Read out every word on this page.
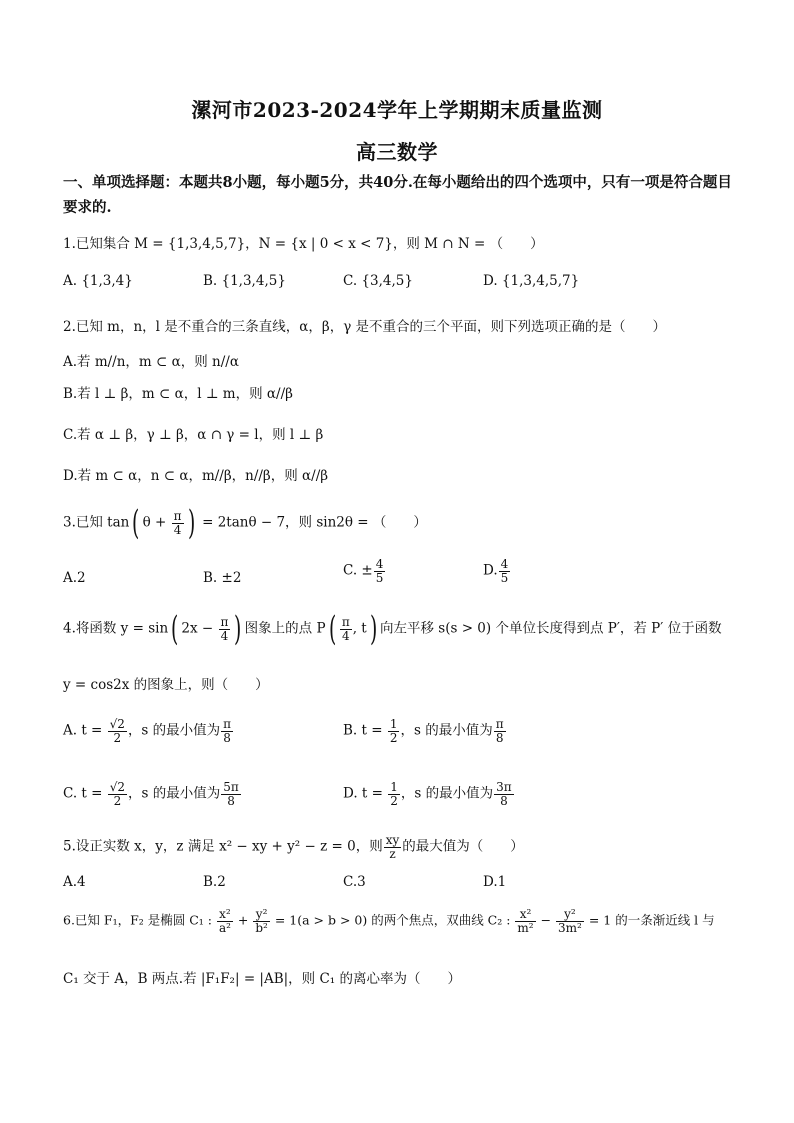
漯河市2023-2024学年上学期期末质量监测
高三数学
一、单项选择题：本题共8小题，每小题5分，共40分.在每小题给出的四个选项中，只有一项是符合题目要求的.
1.已知集合 M = {1,3,4,5,7}，N = {x | 0 < x < 7}，则 M ∩ N = （　　）
A. {1,3,4}	B. {1,3,4,5}	C. {3,4,5}	D. {1,3,4,5,7}
2.已知 m，n，l 是不重合的三条直线，α，β，γ 是不重合的三个平面，则下列选项正确的是（　　）
A.若 m//n，m ⊂ α，则 n//α
B.若 l ⊥ β，m ⊂ α，l ⊥ m，则 α//β
C.若 α ⊥ β，γ ⊥ β，α ∩ γ = l，则 l ⊥ β
D.若 m ⊂ α，n ⊂ α，m//β，n//β，则 α//β
3.已知 tan( $\theta + \frac{\pi}{4}$ ) = 2tanθ − 7，则 sin2θ = （　　）
A.2	B. ±2	C. ± $\frac{4}{5}$	D. $\frac{4}{5}$
4.将函数 y = sin( $2x - \frac{\pi}{4}$ ) 图象上的点 $P( \frac{\pi}{4}$ , t) 向左平移 s(s > 0) 个单位长度得到点 P′，若 P′ 位于函数
y = cos2x 的图象上，则（　　）
A. $t = \frac{√2}{2}$ ，s 的最小值为 $\frac{\pi}{8}$	B. $t = \frac{1}{2}$ ，s 的最小值为 $\frac{\pi}{8}$
C. $t = \frac{√2}{2}$ ，s 的最小值为 $\frac{5\pi}{8}$	D. $t = \frac{1}{2}$ ，s 的最小值为 $\frac{3\pi}{8}$
5.设正实数 x，y，z 满足 x² − xy + y² − z = 0，则 $\frac{xy}{z}$ 的最大值为（　　）
A.4	B.2	C.3	D.1
6.已知 F₁，F₂ 是椭圆 C₁ : $\frac{\text{x²}}{\text{a²}} + \frac{\text{y²}}{\text{b²}} = 1(a > b > 0)$ 的两个焦点，双曲线 C₂ : $\frac{\text{x²}}{\text{m²}} - \frac{\text{y²}}{\text{3m²}} = 1$ 的一条渐近线 l 与
C₁ 交于 A，B 两点.若 |F₁F₂| = |AB|，则 C₁ 的离心率为（　　）
